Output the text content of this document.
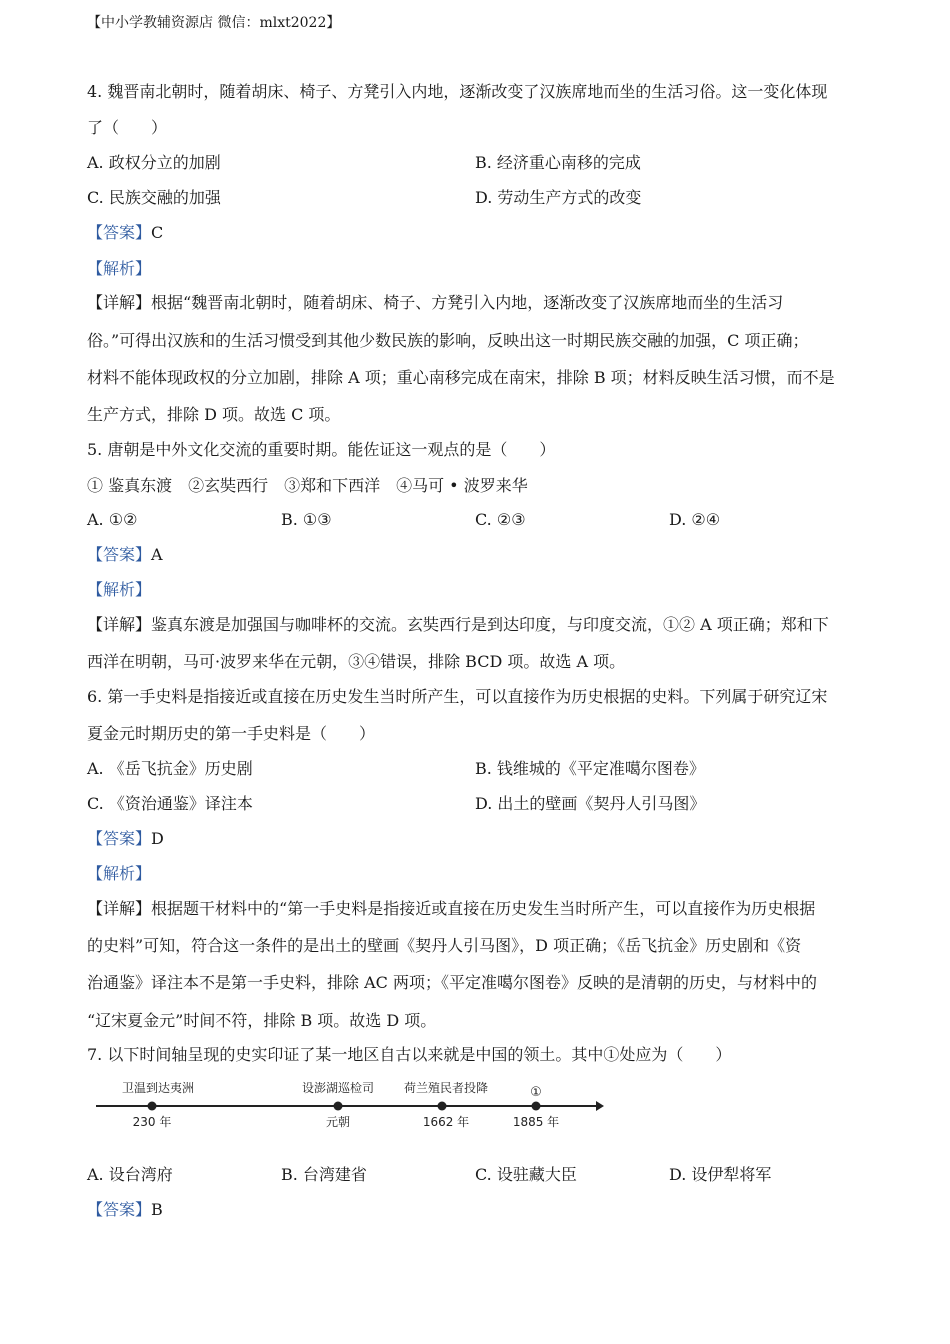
【中小学教辅资源店 微信：mlxt2022】
4. 魏晋南北朝时，随着胡床、椅子、方凳引入内地，逐渐改变了汉族席地而坐的生活习俗。这一变化体现
了（　　）
A. 政权分立的加剧	B. 经济重心南移的完成
C. 民族交融的加强	D. 劳动生产方式的改变
【答案】C
【解析】
【详解】根据“魏晋南北朝时，随着胡床、椅子、方凳引入内地，逐渐改变了汉族席地而坐的生活习
俗。”可得出汉族和的生活习惯受到其他少数民族的影响，反映出这一时期民族交融的加强，C 项正确；
材料不能体现政权的分立加剧，排除 A 项；重心南移完成在南宋，排除 B 项；材料反映生活习惯，而不是
生产方式，排除 D 项。故选 C 项。
5. 唐朝是中外文化交流的重要时期。能佐证这一观点的是（　　）
① 鉴真东渡　②玄奘西行　③郑和下西洋　④马可 • 波罗来华
A. ①②	B. ①③	C. ②③	D. ②④
【答案】A
【解析】
【详解】鉴真东渡是加强国与咖啡杯的交流。玄奘西行是到达印度，与印度交流，①② A 项正确；郑和下
西洋在明朝，马可·波罗来华在元朝，③④错误，排除 BCD 项。故选 A 项。
6. 第一手史料是指接近或直接在历史发生当时所产生，可以直接作为历史根据的史料。下列属于研究辽宋
夏金元时期历史的第一手史料是（　　）
A. 《岳飞抗金》历史剧	B. 钱维城的《平定准噶尔图卷》
C. 《资治通鉴》译注本	D. 出土的壁画《契丹人引马图》
【答案】D
【解析】
【详解】根据题干材料中的“第一手史料是指接近或直接在历史发生当时所产生，可以直接作为历史根据
的史料”可知，符合这一条件的是出土的壁画《契丹人引马图》，D 项正确；《岳飞抗金》历史剧和《资
治通鉴》译注本不是第一手史料，排除 AC 两项；《平定准噶尔图卷》反映的是清朝的历史，与材料中的
“辽宋夏金元”时间不符，排除 B 项。故选 D 项。
7. 以下时间轴呈现的史实印证了某一地区自古以来就是中国的领土。其中①处应为（　　）
卫温到达夷洲
230 年
设澎湖巡检司
元朝
荷兰殖民者投降
1662 年
①
1885 年
A. 设台湾府	B. 台湾建省	C. 设驻藏大臣	D. 设伊犁将军
【答案】B
